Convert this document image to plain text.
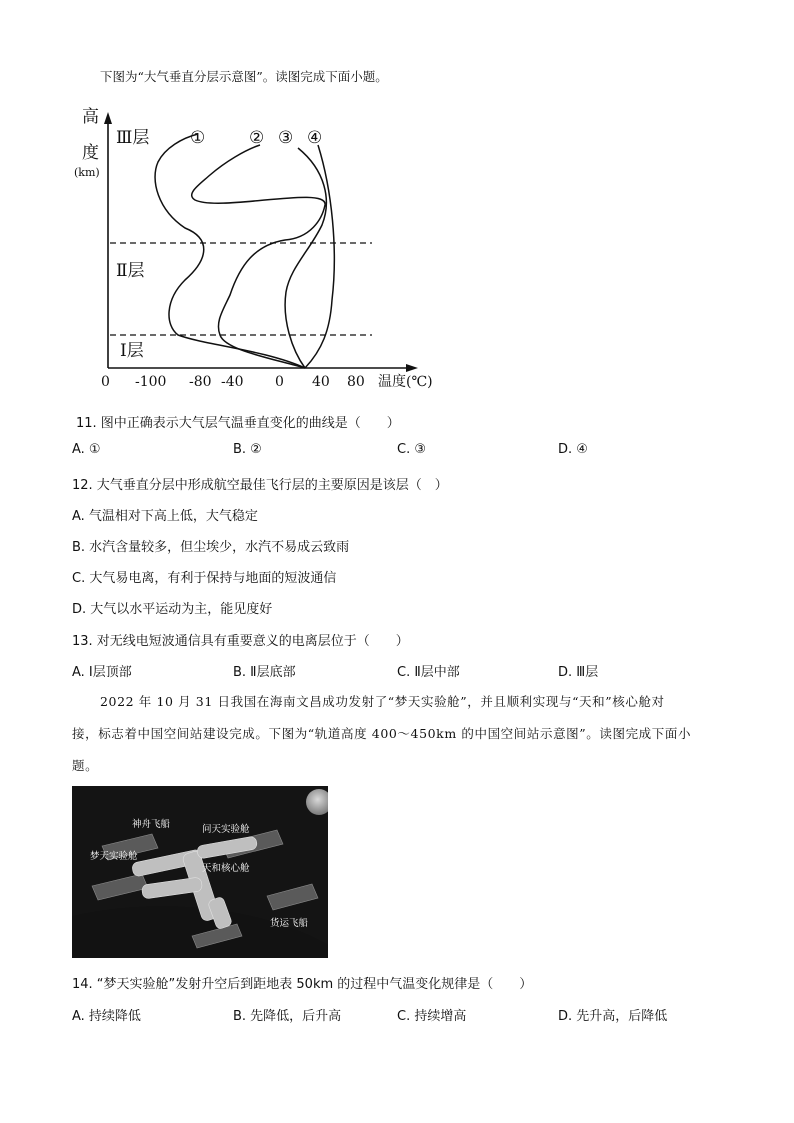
下图为“大气垂直分层示意图”。读图完成下面小题。
高
度
(km)
Ⅲ层
Ⅱ层
Ⅰ层
①	② ③ ④
0 -100 -80 -40 0 40 80 温度(℃)
11. 图中正确表示大气层气温垂直变化的曲线是（　　）
A. ①	B. ②	C. ③	D. ④
12. 大气垂直分层中形成航空最佳飞行层的主要原因是该层（　）
A. 气温相对下高上低，大气稳定
B. 水汽含量较多，但尘埃少，水汽不易成云致雨
C. 大气易电离，有利于保持与地面的短波通信
D. 大气以水平运动为主，能见度好
13. 对无线电短波通信具有重要意义的电离层位于（　　）
A. Ⅰ层顶部	B. Ⅱ层底部	C. Ⅱ层中部	D. Ⅲ层
2022 年 10 月 31 日我国在海南文昌成功发射了“梦天实验舱”，并且顺利实现与“天和”核心舱对
接，标志着中国空间站建设完成。下图为“轨道高度 400～450km 的中国空间站示意图”。读图完成下面小
题。
神舟飞船	问天实验舱
梦天实验舱
天和核心舱
货运飞船
14. “梦天实验舱”发射升空后到距地表 50km 的过程中气温变化规律是（　　）
A. 持续降低	B. 先降低，后升高	C. 持续增高	D. 先升高，后降低
